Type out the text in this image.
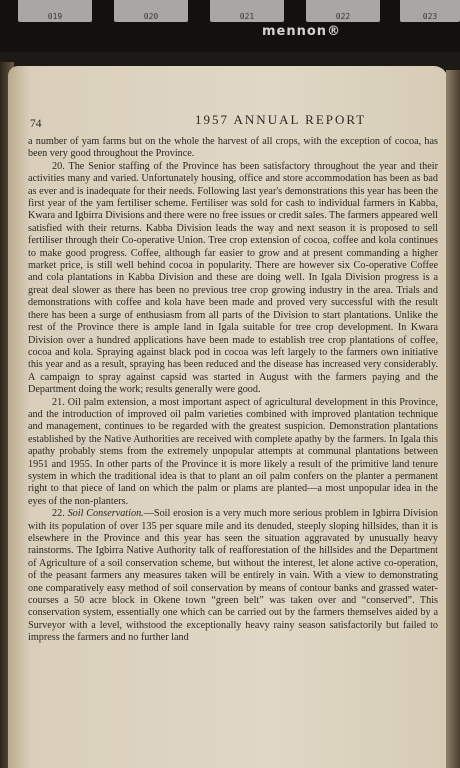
019	020	021	022	023
mennon®
74	1957 ANNUAL REPORT

a number of yam farms but on the whole the harvest of all crops, with the exception of cocoa, has been very good throughout the Province.

20. The Senior staffing of the Province has been satisfactory throughout the year and their activities many and varied. Unfortunately housing, office and store accommodation has been as bad as ever and is inadequate for their needs. Following last year's demonstrations this year has been the first year of the yam fertiliser scheme. Fertiliser was sold for cash to individual farmers in Kabba, Kwara and Igbirra Divisions and there were no free issues or credit sales. The farmers appeared well satisfied with their returns. Kabba Division leads the way and next season it is proposed to sell fertiliser through their Co-operative Union. Tree crop extension of cocoa, coffee and kola continues to make good progress. Coffee, although far easier to grow and at present commanding a higher market price, is still well behind cocoa in popularity. There are however six Co-operative Coffee and cola plantations in Kabba Division and these are doing well. In Igala Division progress is a great deal slower as there has been no previous tree crop growing industry in the area. Trials and demonstrations with coffee and kola have been made and proved very successful with the result there has been a surge of enthusiasm from all parts of the Division to start plantations. Unlike the rest of the Province there is ample land in Igala suitable for tree crop development. In Kwara Division over a hundred applications have been made to establish tree crop plantations of coffee, cocoa and kola. Spraying against black pod in cocoa was left largely to the farmers own initiative this year and as a result, spraying has been reduced and the disease has increased very considerably. A campaign to spray against capsid was started in August with the farmers paying and the Department doing the work; results generally were good.

21. Oil palm extension, a most important aspect of agricultural development in this Province, and the introduction of improved oil palm varieties combined with improved plantation technique and management, continues to be regarded with the greatest suspicion. Demonstration plantations established by the Native Authorities are received with complete apathy by the farmers. In Igala this apathy probably stems from the extremely unpopular attempts at communal plantations between 1951 and 1955. In other parts of the Province it is more likely a result of the primitive land tenure system in which the traditional idea is that to plant an oil palm confers on the planter a permanent right to that piece of land on which the palm or plams are planted—a most unpopular idea in the eyes of the non-planters.

22. Soil Conservation.—Soil erosion is a very much more serious problem in Igbirra Division with its population of over 135 per square mile and its denuded, steeply sloping hillsides, than it is elsewhere in the Province and this year has seen the situation aggravated by unusually heavy rainstorms. The Igbirra Native Authority talk of reafforestation of the hillsides and the Department of Agriculture of a soil conservation scheme, but without the interest, let alone active co-operation, of the peasant farmers any measures taken will be entirely in vain. With a view to demonstrating one comparatively easy method of soil conservation by means of contour banks and grassed water-courses a 50 acre block in Okene town “green belt” was taken over and “conserved”. This conservation system, essentially one which can be carried out by the farmers themselves aided by a Surveyor with a level, withstood the exceptionally heavy rainy season satisfactorily but failed to impress the farmers and no further land
